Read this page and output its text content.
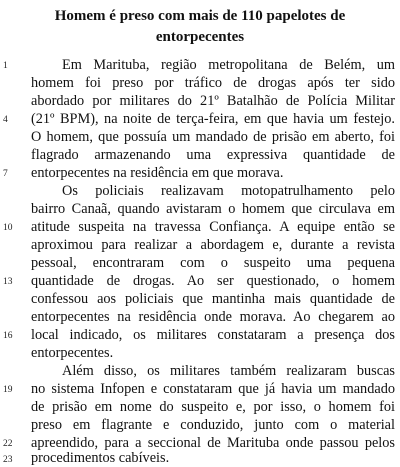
Homem é preso com mais de 110 papelotes de
entorpecentes
1	Em Marituba, região metropolitana de Belém, um
homem foi preso por tráfico de drogas após ter sido
abordado por militares do 21º Batalhão de Polícia Militar
4	(21º BPM), na noite de terça-feira, em que havia um festejo.
O homem, que possuía um mandado de prisão em aberto, foi
flagrado armazenando uma expressiva quantidade de
7	entorpecentes na residência em que morava.
Os policiais realizavam motopatrulhamento pelo
bairro Canaã, quando avistaram o homem que circulava em
10	atitude suspeita na travessa Confiança. A equipe então se
aproximou para realizar a abordagem e, durante a revista
pessoal, encontraram com o suspeito uma pequena
13	quantidade de drogas. Ao ser questionado, o homem
confessou aos policiais que mantinha mais quantidade de
entorpecentes na residência onde morava. Ao chegarem ao
16	local indicado, os militares constataram a presença dos
entorpecentes.
Além disso, os militares também realizaram buscas
19	no sistema Infopen e constataram que já havia um mandado
de prisão em nome do suspeito e, por isso, o homem foi
preso em flagrante e conduzido, junto com o material
22	apreendido, para a seccional de Marituba onde passou pelos
23	procedimentos cabíveis.
